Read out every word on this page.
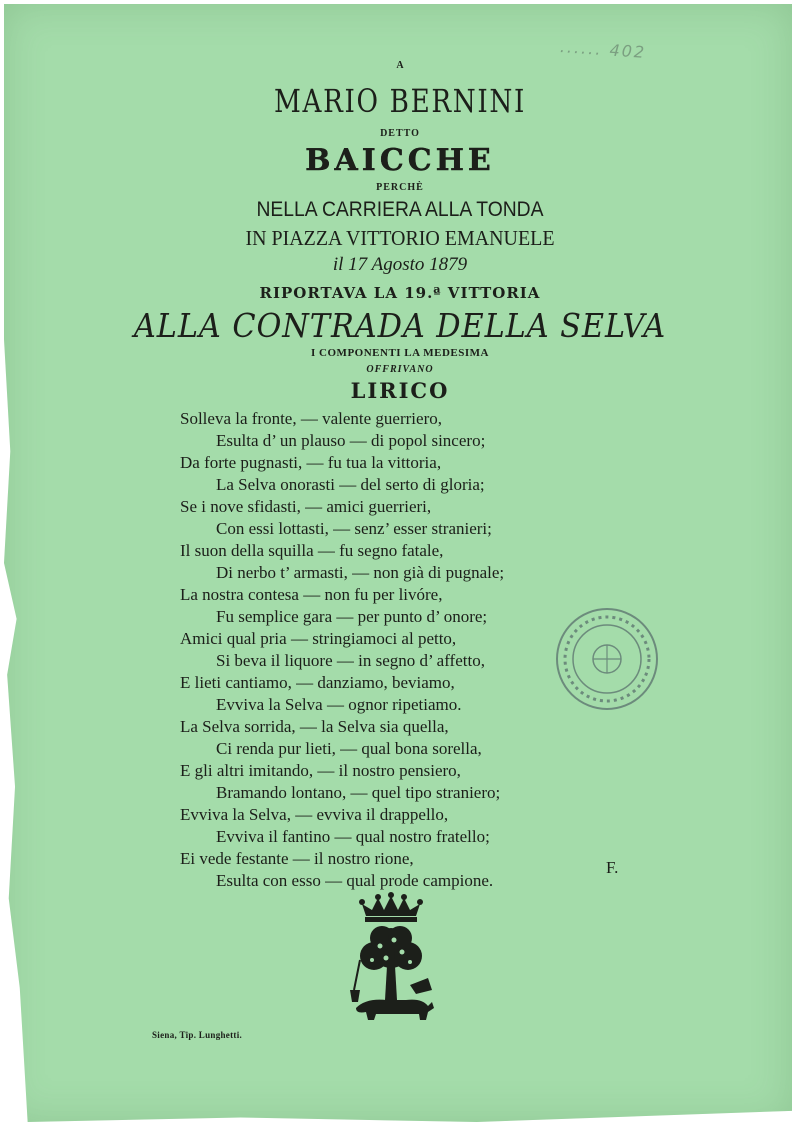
...... 402
A
MARIO BERNINI
DETTO
BAICCHE
PERCHÈ
NELLA CARRIERA ALLA TONDA
IN PIAZZA VITTORIO EMANUELE
il 17 Agosto 1879
RIPORTAVA LA 19.ª VITTORIA
ALLA CONTRADA DELLA SELVA
I COMPONENTI LA MEDESIMA
OFFRIVANO
LIRICO
Solleva la fronte, — valente guerriero,
Esulta d’ un plauso — di popol sincero;
Da forte pugnasti, — fu tua la vittoria,
La Selva onorasti — del serto di gloria;
Se i nove sfidasti, — amici guerrieri,
Con essi lottasti, — senz’ esser stranieri;
Il suon della squilla — fu segno fatale,
Di nerbo t’ armasti, — non già di pugnale;
La nostra contesa — non fu per livóre,
Fu semplice gara — per punto d’ onore;
Amici qual pria — stringiamoci al petto,
Si beva il liquore — in segno d’ affetto,
E lieti cantiamo, — danziamo, beviamo,
Evviva la Selva — ognor ripetiamo.
La Selva sorrida, — la Selva sia quella,
Ci renda pur lieti, — qual bona sorella,
E gli altri imitando, — il nostro pensiero,
Bramando lontano, — quel tipo straniero;
Evviva la Selva, — evviva il drappello,
Evviva il fantino — qual nostro fratello;
Ei vede festante — il nostro rione,
Esulta con esso — qual prode campione.
F.
Siena, Tip. Lunghetti.
